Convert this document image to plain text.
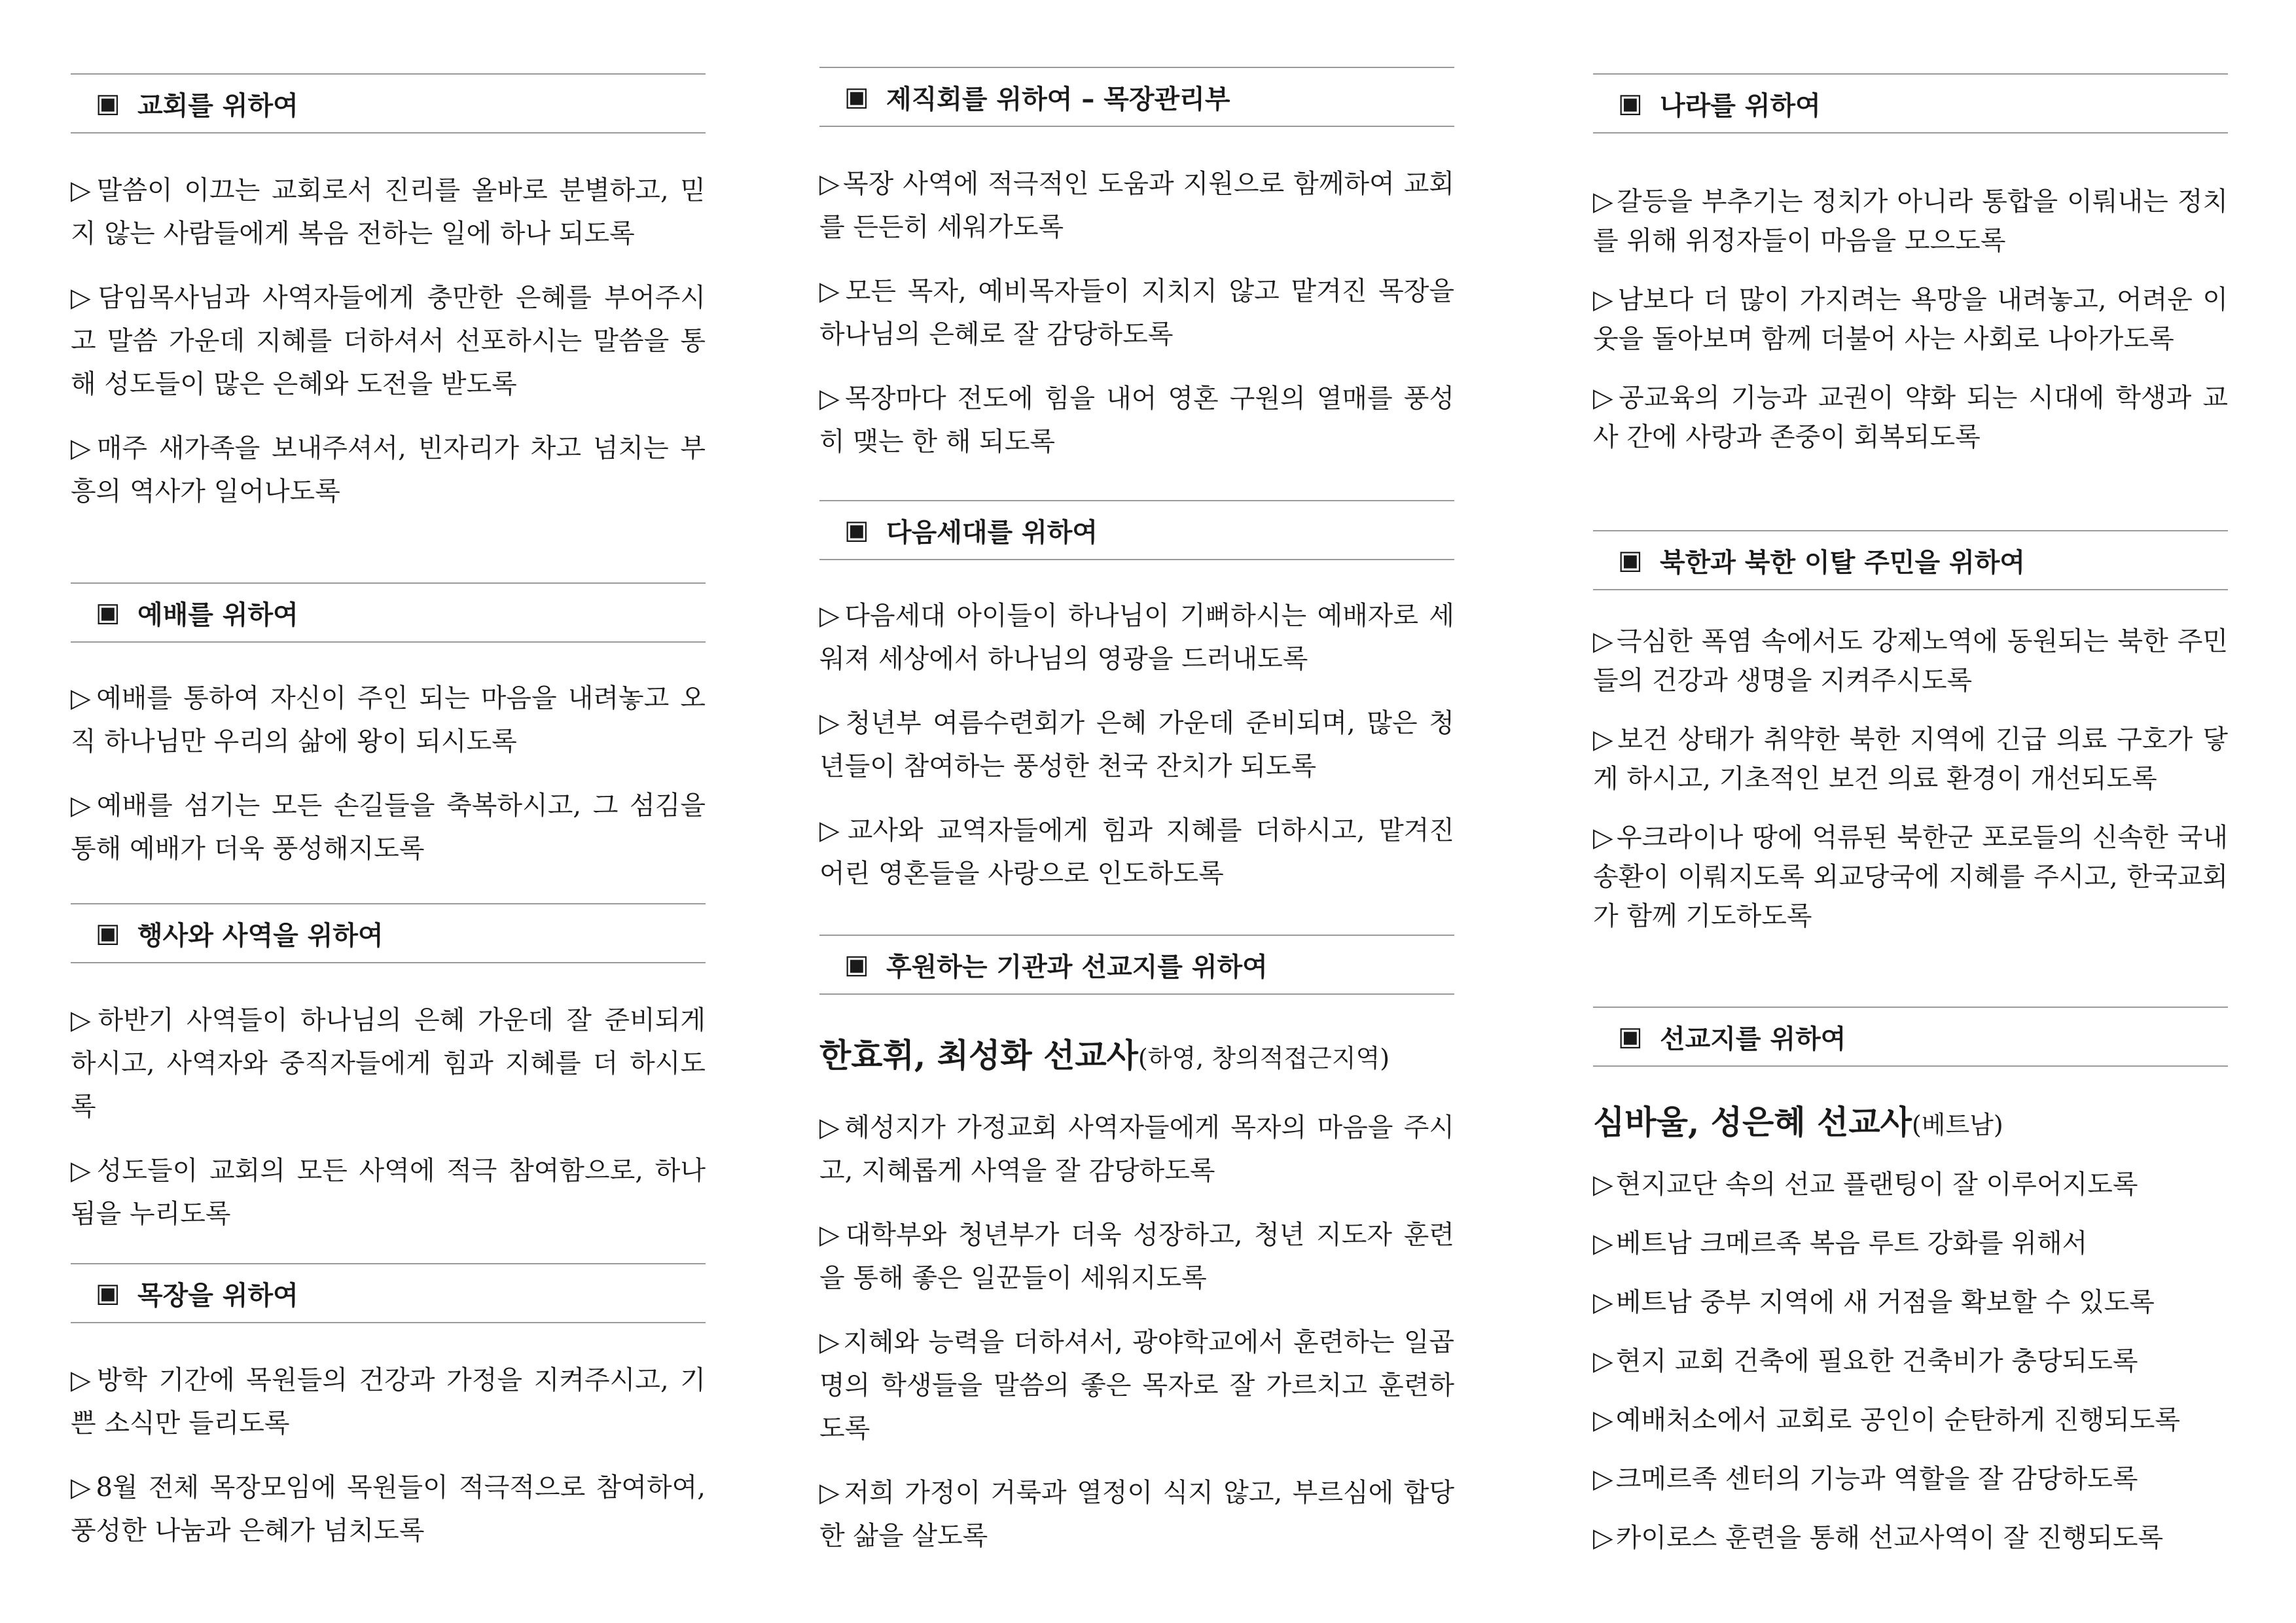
▣ 교회를 위하여

▷ 말씀이 이끄는 교회로서 진리를 올바로 분별하고, 믿지 않는 사람들에게 복음 전하는 일에 하나 되도록

▷ 담임목사님과 사역자들에게 충만한 은혜를 부어주시고 말씀 가운데 지혜를 더하셔서 선포하시는 말씀을 통해 성도들이 많은 은혜와 도전을 받도록

▷ 매주 새가족을 보내주셔서, 빈자리가 차고 넘치는 부흥의 역사가 일어나도록

▣ 예배를 위하여

▷ 예배를 통하여 자신이 주인 되는 마음을 내려놓고 오직 하나님만 우리의 삶에 왕이 되시도록

▷ 예배를 섬기는 모든 손길들을 축복하시고, 그 섬김을 통해 예배가 더욱 풍성해지도록

▣ 행사와 사역을 위하여

▷ 하반기 사역들이 하나님의 은혜 가운데 잘 준비되게 하시고, 사역자와 중직자들에게 힘과 지혜를 더 하시도록

▷ 성도들이 교회의 모든 사역에 적극 참여함으로, 하나됨을 누리도록

▣ 목장을 위하여

▷ 방학 기간에 목원들의 건강과 가정을 지켜주시고, 기쁜 소식만 들리도록

▷ 8월 전체 목장모임에 목원들이 적극적으로 참여하여, 풍성한 나눔과 은혜가 넘치도록

▣ 제직회를 위하여 – 목장관리부

▷ 목장 사역에 적극적인 도움과 지원으로 함께하여 교회를 든든히 세워가도록

▷ 모든 목자, 예비목자들이 지치지 않고 맡겨진 목장을 하나님의 은혜로 잘 감당하도록

▷ 목장마다 전도에 힘을 내어 영혼 구원의 열매를 풍성히 맺는 한 해 되도록

▣ 다음세대를 위하여

▷ 다음세대 아이들이 하나님이 기뻐하시는 예배자로 세워져 세상에서 하나님의 영광을 드러내도록

▷ 청년부 여름수련회가 은혜 가운데 준비되며, 많은 청년들이 참여하는 풍성한 천국 잔치가 되도록

▷ 교사와 교역자들에게 힘과 지혜를 더하시고, 맡겨진 어린 영혼들을 사랑으로 인도하도록

▣ 후원하는 기관과 선교지를 위하여
한효휘, 최성화 선교사(하영, 창의적접근지역)

▷ 혜성지가 가정교회 사역자들에게 목자의 마음을 주시고, 지혜롭게 사역을 잘 감당하도록

▷ 대학부와 청년부가 더욱 성장하고, 청년 지도자 훈련을 통해 좋은 일꾼들이 세워지도록

▷ 지혜와 능력을 더하셔서, 광야학교에서 훈련하는 일곱 명의 학생들을 말씀의 좋은 목자로 잘 가르치고 훈련하도록

▷ 저희 가정이 거룩과 열정이 식지 않고, 부르심에 합당한 삶을 살도록

▣ 나라를 위하여

▷ 갈등을 부추기는 정치가 아니라 통합을 이뤄내는 정치를 위해 위정자들이 마음을 모으도록

▷ 남보다 더 많이 가지려는 욕망을 내려놓고, 어려운 이웃을 돌아보며 함께 더불어 사는 사회로 나아가도록

▷ 공교육의 기능과 교권이 약화 되는 시대에 학생과 교사 간에 사랑과 존중이 회복되도록

▣ 북한과 북한 이탈 주민을 위하여

▷ 극심한 폭염 속에서도 강제노역에 동원되는 북한 주민들의 건강과 생명을 지켜주시도록

▷ 보건 상태가 취약한 북한 지역에 긴급 의료 구호가 닿게 하시고, 기초적인 보건 의료 환경이 개선되도록

▷ 우크라이나 땅에 억류된 북한군 포로들의 신속한 국내 송환이 이뤄지도록 외교당국에 지혜를 주시고, 한국교회가 함께 기도하도록

▣ 선교지를 위하여
심바울, 성은혜 선교사(베트남)

▷ 현지교단 속의 선교 플랜팅이 잘 이루어지도록

▷ 베트남 크메르족 복음 루트 강화를 위해서

▷ 베트남 중부 지역에 새 거점을 확보할 수 있도록

▷ 현지 교회 건축에 필요한 건축비가 충당되도록

▷ 예배처소에서 교회로 공인이 순탄하게 진행되도록

▷ 크메르족 센터의 기능과 역할을 잘 감당하도록

▷ 카이로스 훈련을 통해 선교사역이 잘 진행되도록
